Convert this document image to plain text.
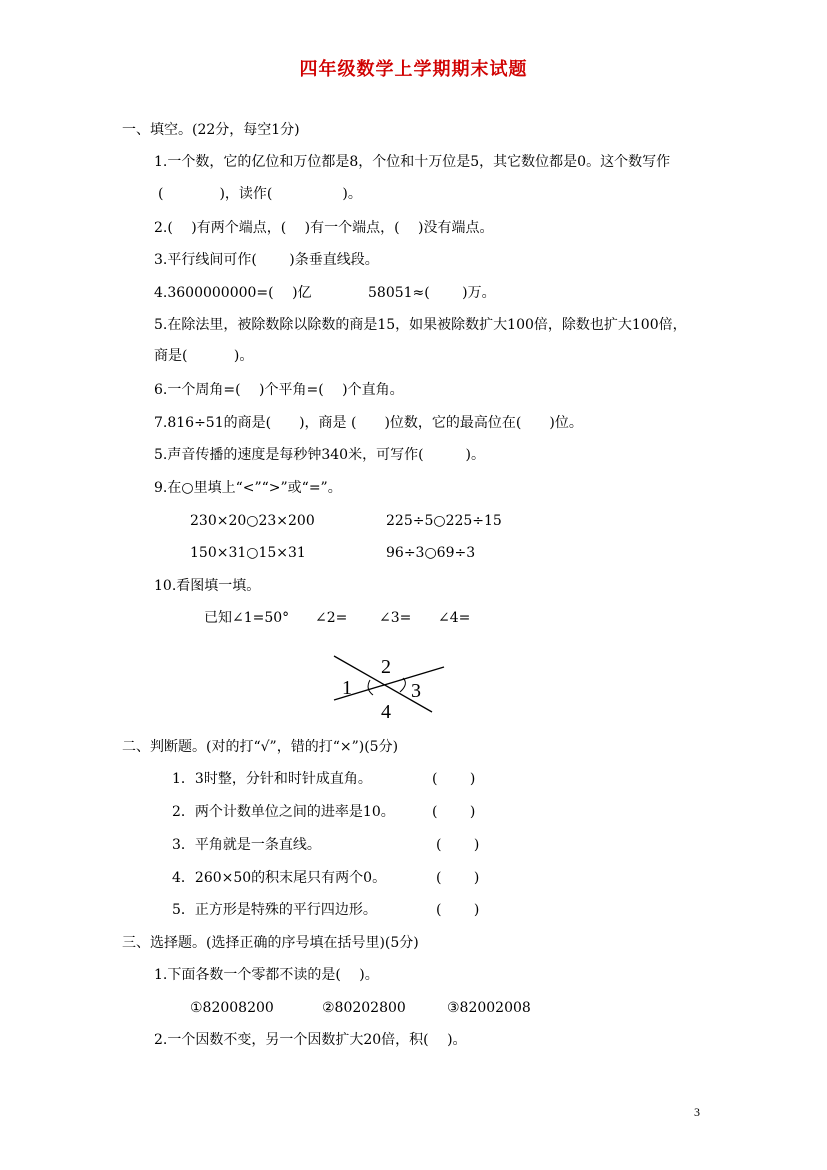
四年级数学上学期期末试题
一、填空。(22分，每空1分)
1.一个数，它的亿位和万位都是8，个位和十万位是5，其它数位都是0。这个数写作
(　　　　)，读作(　　　　　)。
2.(　 )有两个端点，(　 )有一个端点，(　 )没有端点。
3.平行线间可作(　　 )条垂直线段。
4.3600000000=(　 )亿	58051≈(　　 )万。
5.在除法里，被除数除以除数的商是15，如果被除数扩大100倍，除数也扩大100倍，
商是(　　　 )。
6.一个周角=(　 )个平角=(　 )个直角。
7.816÷51的商是(　　)，商是 (　　)位数，它的最高位在(　　)位。
5.声音传播的速度是每秒钟340米，可写作(　　　)。
9.在○里填上“<”“>”或“=”。
230×20○23×200	225÷5○225÷15
150×31○15×31	96÷3○69÷3
10.看图填一填。
已知∠1=50° ∠2= ∠3= ∠4=
1
2
3
4
二、判断题。(对的打“√”，错的打“×”)(5分)
1．3时整，分针和时针成直角。	(　　 )
2．两个计数单位之间的进率是10。	(　　 )
3．平角就是一条直线。	(　　 )
4．260×50的积末尾只有两个0。	(　　 )
5．正方形是特殊的平行四边形。	(　　 )
三、选择题。(选择正确的序号填在括号里)(5分)
1.下面各数一个零都不读的是(　 )。
①82008200	②80202800	③82002008
2.一个因数不变，另一个因数扩大20倍，积(　 )。
3
